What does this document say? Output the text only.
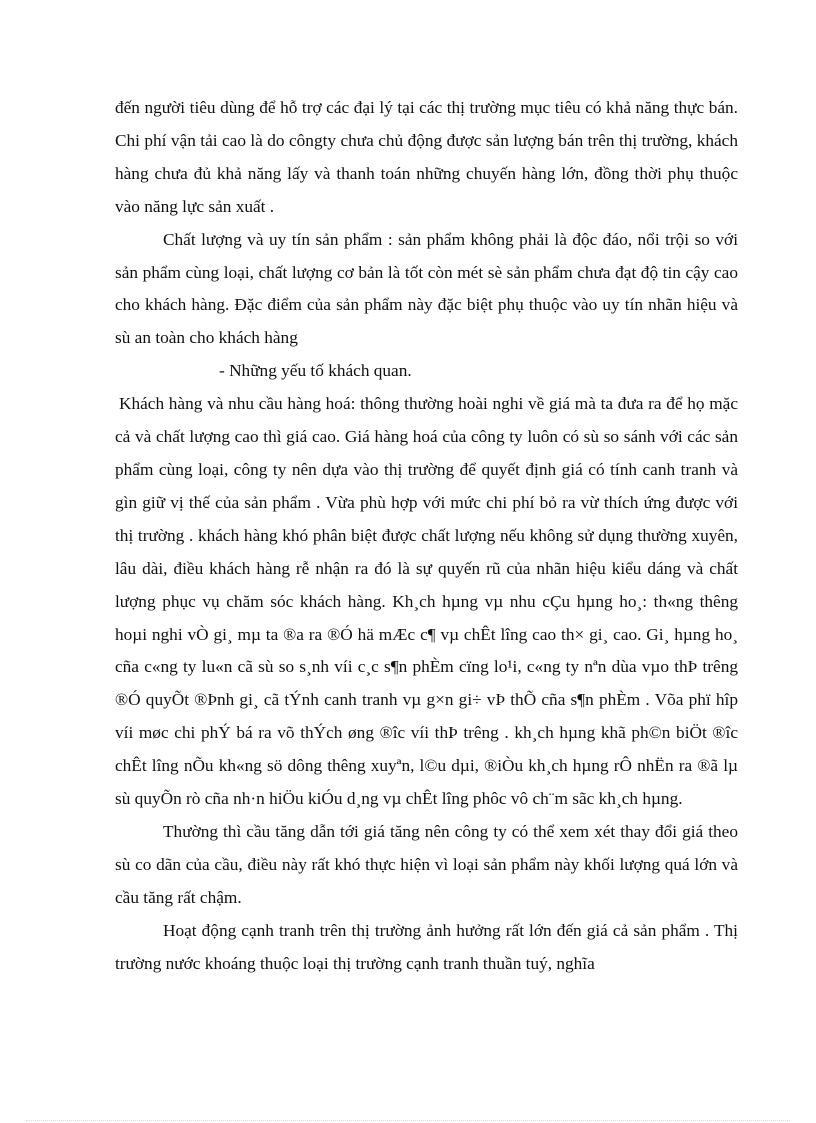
đến người tiêu dùng để hỗ trợ các đại lý tại các thị trường mục tiêu có khả năng thực bán. Chi phí vận tải cao là do côngty chưa chủ động được sản lượng bán trên thị trường, khách hàng chưa đủ khả năng lấy và thanh toán những chuyến hàng lớn, đồng thời phụ thuộc vào năng lực sản xuất .

Chất lượng và uy tín sản phẩm : sản phẩm không phải là độc đáo, nổi trội so với sản phẩm cùng loại, chất lượng cơ bản là tốt còn mét sè sản phẩm chưa đạt độ tin cậy cao cho khách hàng. Đặc điểm của sản phẩm này đặc biệt phụ thuộc vào uy tín nhãn hiệu và sù an toàn cho khách hàng

- Những yếu tố khách quan.

Khách hàng và nhu cầu hàng hoá: thông thường hoài nghi về giá mà ta đưa ra để họ mặc cả và chất lượng cao thì giá cao. Giá hàng hoá của công ty luôn có sù so sánh với các sản phẩm cùng loại, công ty nên dựa vào thị trường để quyết định giá có tính canh tranh và gìn giữ vị thế của sản phẩm . Vừa phù hợp với mức chi phí bỏ ra vừ thích ứng được với thị trường . khách hàng khó phân biệt được chất lượng nếu không sử dụng thường xuyên, lâu dài, điều khách hàng rễ nhận ra đó là sự quyến rũ của nhãn hiệu kiểu dáng và chất lượng phục vụ chăm sóc khách hàng. Kh¸ch hµng vµ nhu cÇu hµng ho¸: th«ng thêng hoµi nghi vÒ gi¸ mµ ta ®a ra ®Ó hä mÆc c¶ vµ chÊt lîng cao th× gi¸ cao. Gi¸ hµng ho¸ cña c«ng ty lu«n cã sù so s¸nh víi c¸c s¶n phÈm cïng lo¹i, c«ng ty nªn dùa vµo thÞ trêng ®Ó quyÕt ®Þnh gi¸ cã tÝnh canh tranh vµ g×n gi÷ vÞ thÕ cña s¶n phÈm . Võa phï hîp víi møc chi phÝ bá ra võ thÝch øng ®îc víi thÞ trêng . kh¸ch hµng khã ph©n biÖt ®îc chÊt lîng nÕu kh«ng sö dông thêng xuyªn, l©u dµi, ®iÒu kh¸ch hµng rÔ nhËn ra ®ã lµ sù quyÕn rò cña nh·n hiÖu kiÓu d¸ng vµ chÊt lîng phôc vô ch¨m sãc kh¸ch hµng.

Thường thì cầu tăng dẫn tới giá tăng nên công ty có thể xem xét thay đổi giá theo sù co dãn của cầu, điều này rất khó thực hiện vì loại sản phẩm này khối lượng quá lớn và cầu tăng rất chậm.

Hoạt động cạnh tranh trên thị trường ảnh hưởng rất lớn đến giá cả sản phẩm . Thị trường nước khoáng thuộc loại thị trường cạnh tranh thuần tuý, nghĩa
